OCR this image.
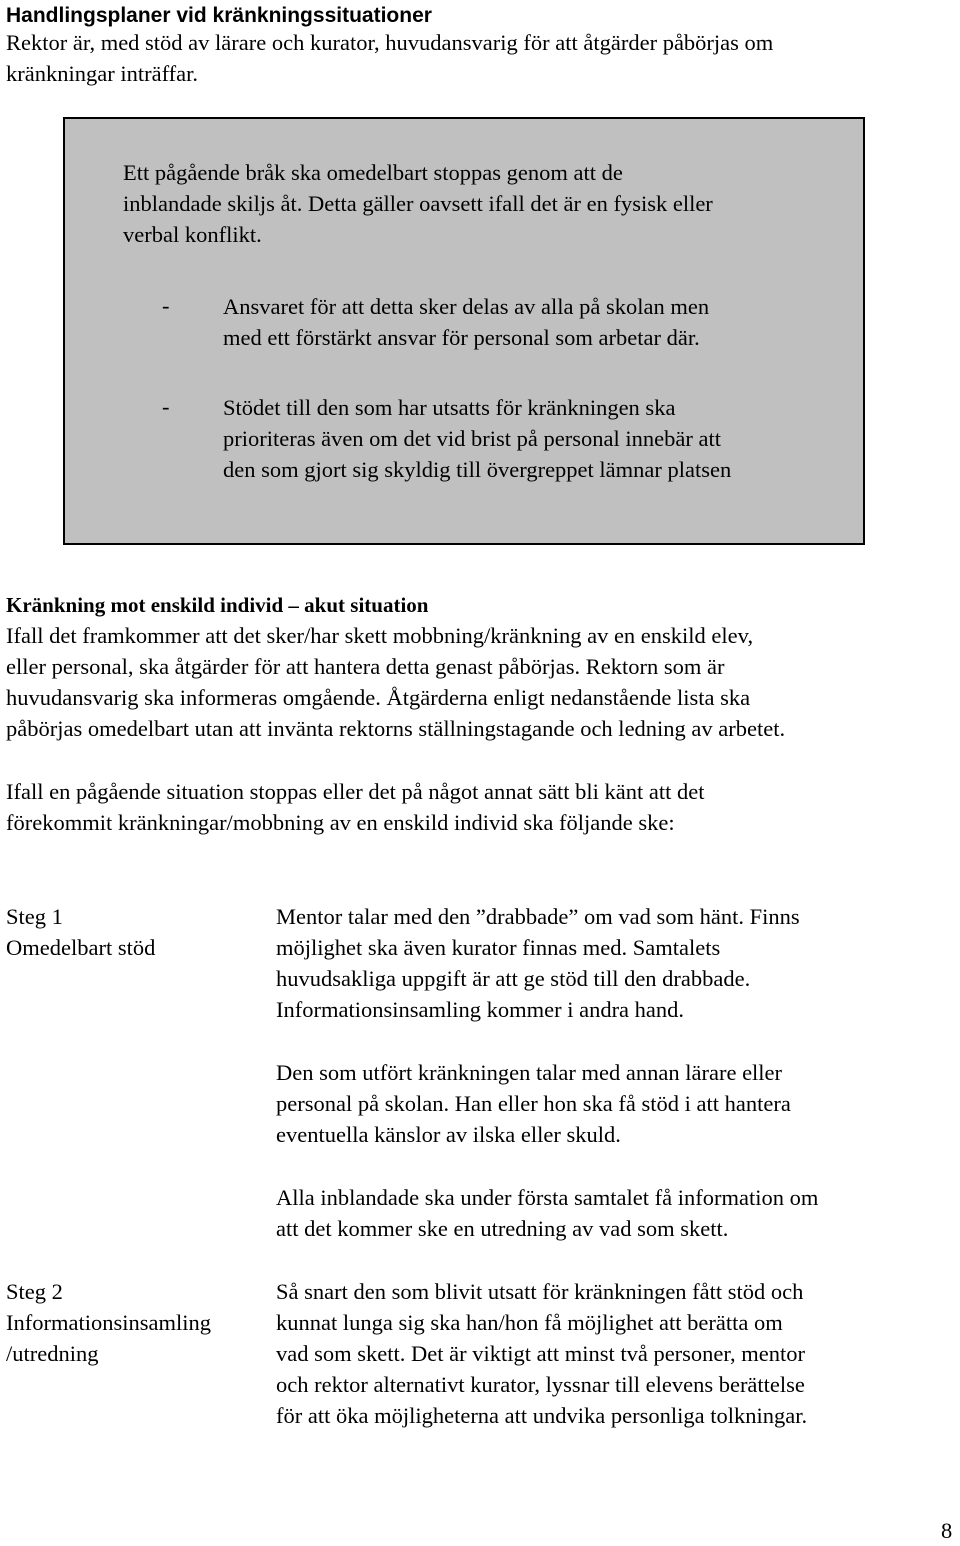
Handlingsplaner vid kränkningssituationer
Rektor är, med stöd av lärare och kurator, huvudansvarig för att åtgärder påbörjas om
kränkningar inträffar.
Ett pågående bråk ska omedelbart stoppas genom att de
inblandade skiljs åt. Detta gäller oavsett ifall det är en fysisk eller
verbal konflikt.
- Ansvaret för att detta sker delas av alla på skolan men
med ett förstärkt ansvar för personal som arbetar där.
- Stödet till den som har utsatts för kränkningen ska
prioriteras även om det vid brist på personal innebär att
den som gjort sig skyldig till övergreppet lämnar platsen
Kränkning mot enskild individ – akut situation
Ifall det framkommer att det sker/har skett mobbning/kränkning av en enskild elev,
eller personal, ska åtgärder för att hantera detta genast påbörjas. Rektorn som är
huvudansvarig ska informeras omgående. Åtgärderna enligt nedanstående lista ska
påbörjas omedelbart utan att invänta rektorns ställningstagande och ledning av arbetet.
Ifall en pågående situation stoppas eller det på något annat sätt bli känt att det
förekommit kränkningar/mobbning av en enskild individ ska följande ske:
Steg 1
Omedelbart stöd
Mentor talar med den ”drabbade” om vad som hänt. Finns
möjlighet ska även kurator finnas med. Samtalets
huvudsakliga uppgift är att ge stöd till den drabbade.
Informationsinsamling kommer i andra hand.
Den som utfört kränkningen talar med annan lärare eller
personal på skolan. Han eller hon ska få stöd i att hantera
eventuella känslor av ilska eller skuld.
Alla inblandade ska under första samtalet få information om
att det kommer ske en utredning av vad som skett.
Steg 2
Informationsinsamling
/utredning
Så snart den som blivit utsatt för kränkningen fått stöd och
kunnat lunga sig ska han/hon få möjlighet att berätta om
vad som skett. Det är viktigt att minst två personer, mentor
och rektor alternativt kurator, lyssnar till elevens berättelse
för att öka möjligheterna att undvika personliga tolkningar.
8
